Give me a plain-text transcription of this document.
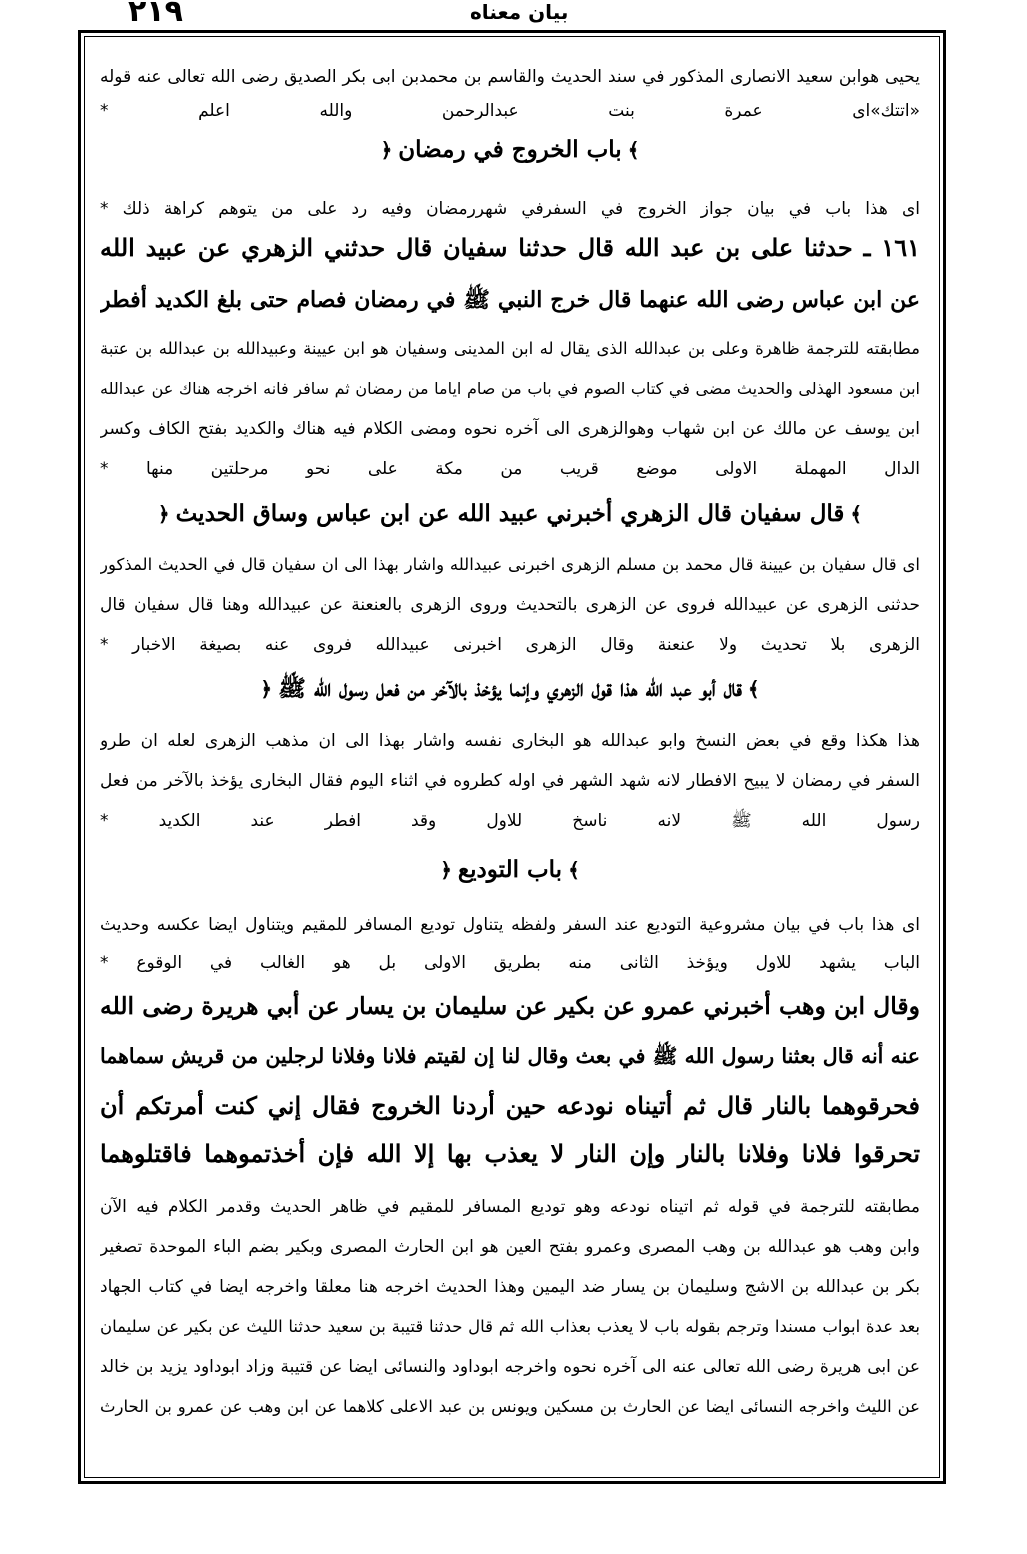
٢١٩	بيان معناه
يحيى هوابن سعيد الانصارى المذكور في سند الحديث والقاسم بن محمدبن ابى بكر الصديق رضى الله تعالى عنه قوله
«اتتك»اى عمرة بنت عبدالرحمن والله اعلم *
﴾باب الخروج في رمضان﴿
اى هذا باب في بيان جواز الخروج في السفرفي شهررمضان وفيه رد على من يتوهم كراهة ذلك *
١٦١ ـ حدثنا على بن عبد الله قال حدثنا سفيان قال حدثني الزهري عن عبيد الله
عن ابن عباس رضى الله عنهما قال خرج النبي ﷺ في رمضان فصام حتى بلغ الكديد أفطر
مطابقته للترجمة ظاهرة وعلى بن عبدالله الذى يقال له ابن المدينى وسفيان هو ابن عيينة وعبيدالله بن عبدالله بن عتبة
ابن مسعود الهذلى والحديث مضى في كتاب الصوم في باب من صام اياما من رمضان ثم سافر فانه اخرجه هناك عن عبدالله
ابن يوسف عن مالك عن ابن شهاب وهوالزهرى الى آخره نحوه ومضى الكلام فيه هناك والكديد بفتح الكاف وكسر
الدال المهملة الاولى موضع قريب من مكة على نحو مرحلتين منها *
﴾قال سفيان قال الزهري أخبرني عبيد الله عن ابن عباس وساق الحديث﴿
اى قال سفيان بن عيينة قال محمد بن مسلم الزهرى اخبرنى عبيدالله واشار بهذا الى ان سفيان قال في الحديث المذكور
حدثنى الزهرى عن عبيدالله فروى عن الزهرى بالتحديث وروى الزهرى بالعنعنة عن عبيدالله وهنا قال سفيان قال
الزهرى بلا تحديث ولا عنعنة وقال الزهرى اخبرنى عبيدالله فروى عنه بصيغة الاخبار *
﴾قال أبو عبد الله هذا قول الزهري وإنما يؤخذ بالآخر من فعل رسول الله ﷺ﴿
هذا هكذا وقع في بعض النسخ وابو عبدالله هو البخارى نفسه واشار بهذا الى ان مذهب الزهرى لعله ان طرو
السفر في رمضان لا يبيح الافطار لانه شهد الشهر في اوله كطروه في اثناء اليوم فقال البخارى يؤخذ بالآخر من فعل
رسول الله ﷺ لانه ناسخ للاول وقد افطر عند الكديد *
﴾باب التوديع﴿
اى هذا باب في بيان مشروعية التوديع عند السفر ولفظه يتناول توديع المسافر للمقيم ويتناول ايضا عكسه وحديث
الباب يشهد للاول ويؤخذ الثانى منه بطريق الاولى بل هو الغالب في الوقوع *
وقال ابن وهب أخبرني عمرو عن بكير عن سليمان بن يسار عن أبي هريرة رضى الله
عنه أنه قال بعثنا رسول الله ﷺ في بعث وقال لنا إن لقيتم فلانا وفلانا لرجلين من قريش سماهما
فحرقوهما بالنار قال ثم أتيناه نودعه حين أردنا الخروج فقال إني كنت أمرتكم أن
تحرقوا فلانا وفلانا بالنار وإن النار لا يعذب بها إلا الله فإن أخذتموهما فاقتلوهما
مطابقته للترجمة في قوله ثم اتيناه نودعه وهو توديع المسافر للمقيم في ظاهر الحديث وقدمر الكلام فيه الآن
وابن وهب هو عبدالله بن وهب المصرى وعمرو بفتح العين هو ابن الحارث المصرى وبكير بضم الباء الموحدة تصغير
بكر بن عبدالله بن الاشج وسليمان بن يسار ضد اليمين وهذا الحديث اخرجه هنا معلقا واخرجه ايضا في كتاب الجهاد
بعد عدة ابواب مسندا وترجم بقوله باب لا يعذب بعذاب الله ثم قال حدثنا قتيبة بن سعيد حدثنا الليث عن بكير عن سليمان
عن ابى هريرة رضى الله تعالى عنه الى آخره نحوه واخرجه ابوداود والنسائى ايضا عن قتيبة وزاد ابوداود يزيد بن خالد
عن الليث واخرجه النسائى ايضا عن الحارث بن مسكين ويونس بن عبد الاعلى كلاهما عن ابن وهب عن عمرو بن الحارث
